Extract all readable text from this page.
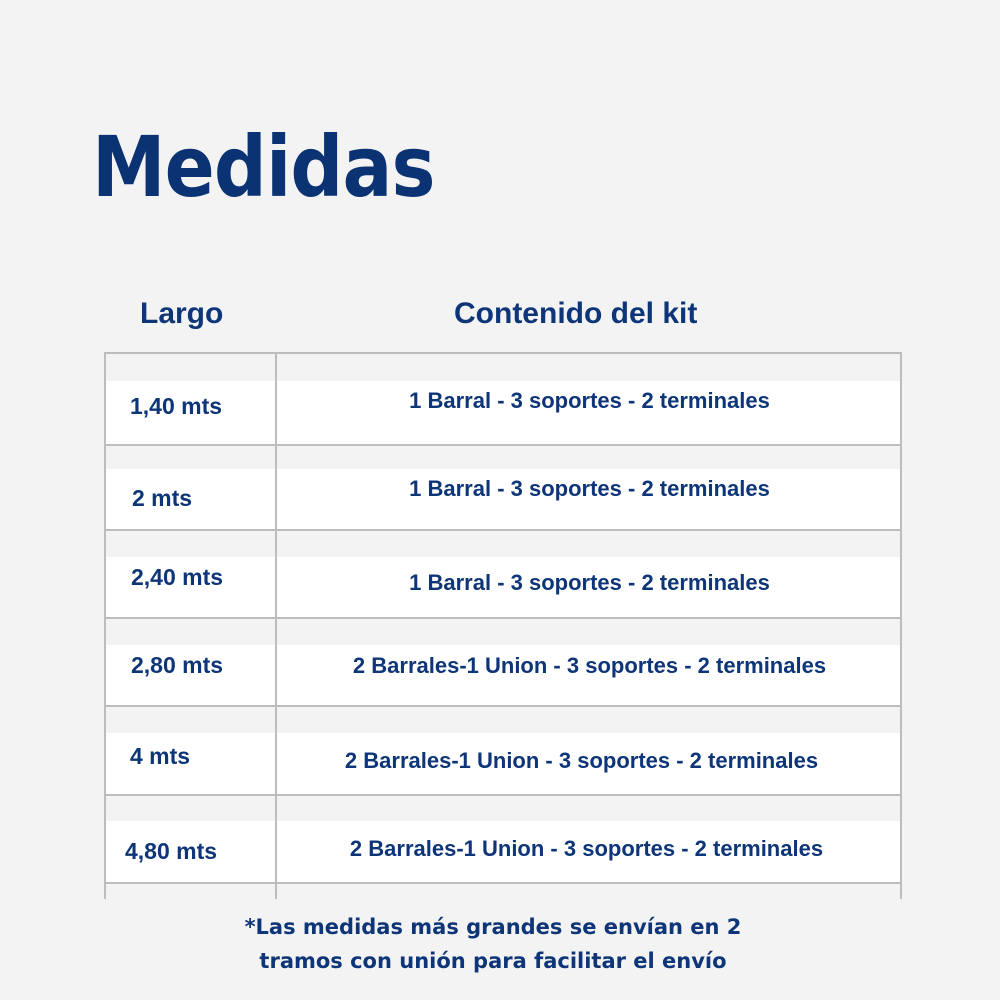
Medidas
Largo	Contenido del kit
1,40 mts	1 Barral - 3 soportes - 2 terminales
2 mts	1 Barral - 3 soportes - 2 terminales
2,40 mts	1 Barral - 3 soportes - 2 terminales
2,80 mts	2 Barrales-1 Union - 3 soportes - 2 terminales
4 mts	2 Barrales-1 Union - 3 soportes - 2 terminales
4,80 mts	2 Barrales-1 Union - 3 soportes - 2 terminales
*Las medidas más grandes se envían en 2
tramos con unión para facilitar el envío
